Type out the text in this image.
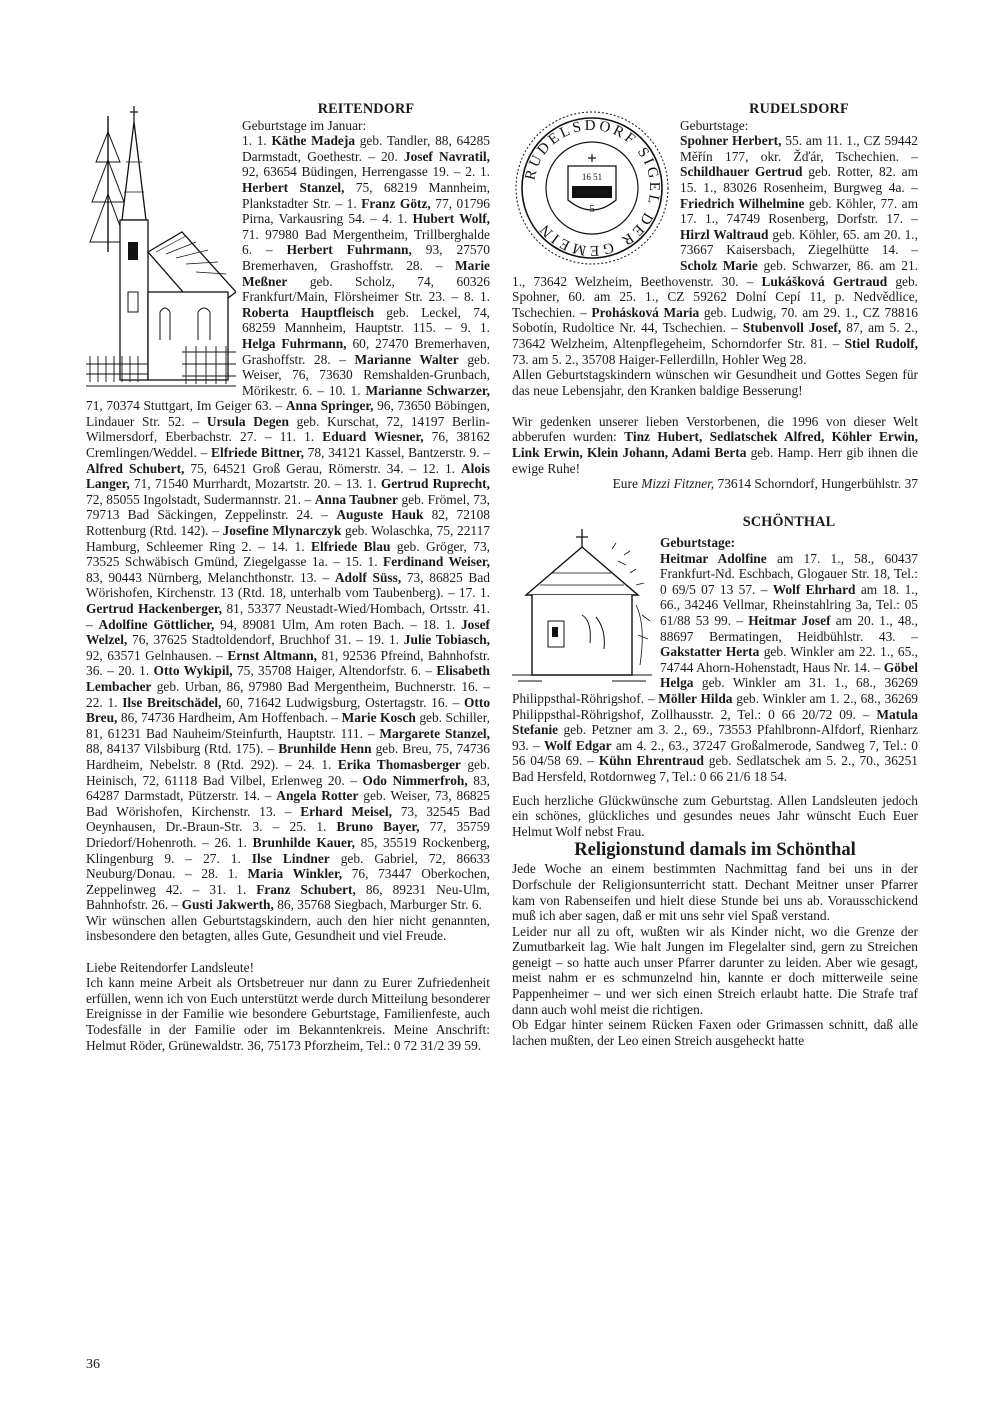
REITENDORF

Geburtstage im Januar:

1. 1. Käthe Madeja geb. Tandler, 88, 64285 Darmstadt, Goethestr. – 20. Josef Navratil, 92, 63654 Büdingen, Herrengasse 19. – 2. 1. Herbert Stanzel, 75, 68219 Mannheim, Plankstadter Str. – 1. Franz Götz, 77, 01796 Pirna, Varkausring 54. – 4. 1. Hubert Wolf, 71. 97980 Bad Mergentheim, Trillberghalde 6. – Herbert Fuhrmann, 93, 27570 Bremerhaven, Grashoffstr. 28. – Marie Meßner geb. Scholz, 74, 60326 Frankfurt/Main, Flörsheimer Str. 23. – 8. 1. Roberta Hauptfleisch geb. Leckel, 74, 68259 Mannheim, Hauptstr. 115. – 9. 1. Helga Fuhrmann, 60, 27470 Bremerhaven, Grashoffstr. 28. – Marianne Walter geb. Weiser, 76, 73630 Remshalden-Grunbach, Mörikestr. 6. – 10. 1. Marianne Schwarzer, 71, 70374 Stuttgart, Im Geiger 63. – Anna Springer, 96, 73650 Böbingen, Lindauer Str. 52. – Ursula Degen geb. Kurschat, 72, 14197 Berlin-Wilmersdorf, Eberbachstr. 27. – 11. 1. Eduard Wiesner, 76, 38162 Cremlingen/Weddel. – Elfriede Bittner, 78, 34121 Kassel, Bantzerstr. 9. – Alfred Schubert, 75, 64521 Groß Gerau, Römerstr. 34. – 12. 1. Alois Langer, 71, 71540 Murrhardt, Mozartstr. 20. – 13. 1. Gertrud Ruprecht, 72, 85055 Ingolstadt, Sudermannstr. 21. – Anna Taubner geb. Frömel, 73, 79713 Bad Säckingen, Zeppelinstr. 24. – Auguste Hauk 82, 72108 Rottenburg (Rtd. 142). – Josefine Mlynarczyk geb. Wolaschka, 75, 22117 Hamburg, Schleemer Ring 2. – 14. 1. Elfriede Blau geb. Gröger, 73, 73525 Schwäbisch Gmünd, Ziegelgasse 1a. – 15. 1. Ferdinand Weiser, 83, 90443 Nürnberg, Melanchthonstr. 13. – Adolf Süss, 73, 86825 Bad Wörishofen, Kirchenstr. 13 (Rtd. 18, unterhalb vom Taubenberg). – 17. 1. Gertrud Hackenberger, 81, 53377 Neustadt-Wied/Hombach, Ortsstr. 41. – Adolfine Göttlicher, 94, 89081 Ulm, Am roten Bach. – 18. 1. Josef Welzel, 76, 37625 Stadtoldendorf, Bruchhof 31. – 19. 1. Julie Tobiasch, 92, 63571 Gelnhausen. – Ernst Altmann, 81, 92536 Pfreind, Bahnhofstr. 36. – 20. 1. Otto Wykipil, 75, 35708 Haiger, Altendorfstr. 6. – Elisabeth Lembacher geb. Urban, 86, 97980 Bad Mergentheim, Buchnerstr. 16. – 22. 1. Ilse Breitschädel, 60, 71642 Ludwigsburg, Ostertagstr. 16. – Otto Breu, 86, 74736 Hardheim, Am Hoffenbach. – Marie Kosch geb. Schiller, 81, 61231 Bad Nauheim/Steinfurth, Hauptstr. 111. – Margarete Stanzel, 88, 84137 Vilsbiburg (Rtd. 175). – Brunhilde Henn geb. Breu, 75, 74736 Hardheim, Nebelstr. 8 (Rtd. 292). – 24. 1. Erika Thomasberger geb. Heinisch, 72, 61118 Bad Vilbel, Erlenweg 20. – Odo Nimmerfroh, 83, 64287 Darmstadt, Pützerstr. 14. – Angela Rotter geb. Weiser, 73, 86825 Bad Wörishofen, Kirchenstr. 13. – Erhard Meisel, 73, 32545 Bad Oeynhausen, Dr.-Braun-Str. 3. – 25. 1. Bruno Bayer, 77, 35759 Driedorf/Hohenroth. – 26. 1. Brunhilde Kauer, 85, 35519 Rockenberg, Klingenburg 9. – 27. 1. Ilse Lindner geb. Gabriel, 72, 86633 Neuburg/Donau. – 28. 1. Maria Winkler, 76, 73447 Oberkochen, Zeppelinweg 42. – 31. 1. Franz Schubert, 86, 89231 Neu-Ulm, Bahnhofstr. 26. – Gusti Jakwerth, 86, 35768 Siegbach, Marburger Str. 6.

Wir wünschen allen Geburtstagskindern, auch den hier nicht genannten, insbesondere den betagten, alles Gute, Gesundheit und viel Freude.

Liebe Reitendorfer Landsleute!

Ich kann meine Arbeit als Ortsbetreuer nur dann zu Eurer Zufriedenheit erfüllen, wenn ich von Euch unterstützt werde durch Mitteilung besonderer Ereignisse in der Familie wie besondere Geburtstage, Familienfeste, auch Todesfälle in der Familie oder im Bekanntenkreis. Meine Anschrift: Helmut Röder, Grünewaldstr. 36, 75173 Pforzheim, Tel.: 0 72 31/2 39 59.

RUDELSDORF SIGEL DER GEMEIN
16 51
5

RUDELSDORF

Geburtstage:

Spohner Herbert, 55. am 11. 1., CZ 59442 Měřín 177, okr. Žďár, Tschechien. – Schildhauer Gertrud geb. Rotter, 82. am 15. 1., 83026 Rosenheim, Burgweg 4a. – Friedrich Wilhelmine geb. Köhler, 77. am 17. 1., 74749 Rosenberg, Dorfstr. 17. – Hirzl Waltraud geb. Köhler, 65. am 20. 1., 73667 Kaisersbach, Ziegelhütte 14. – Scholz Marie geb. Schwarzer, 86. am 21. 1., 73642 Welzheim, Beethovenstr. 30. – Lukášková Gertraud geb. Spohner, 60. am 25. 1., CZ 59262 Dolní Cepí 11, p. Nedvědlice, Tschechien. – Prohásková Maria geb. Ludwig, 70. am 29. 1., CZ 78816 Sobotín, Rudoltice Nr. 44, Tschechien. – Stubenvoll Josef, 87, am 5. 2., 73642 Welzheim, Altenpflegeheim, Schorndorfer Str. 81. – Stiel Rudolf, 73. am 5. 2., 35708 Haiger-Fellerdilln, Hohler Weg 28.

Allen Geburtstagskindern wünschen wir Gesundheit und Gottes Segen für das neue Lebensjahr, den Kranken baldige Besserung!

Wir gedenken unserer lieben Verstorbenen, die 1996 von dieser Welt abberufen wurden: Tinz Hubert, Sedlatschek Alfred, Köhler Erwin, Link Erwin, Klein Johann, Adami Berta geb. Hamp. Herr gib ihnen die ewige Ruhe!

Eure Mizzi Fitzner, 73614 Schorndorf, Hungerbühlstr. 37

SCHÖNTHAL

Geburtstage:

Heitmar Adolfine am 17. 1., 58., 60437 Frankfurt-Nd. Eschbach, Glogauer Str. 18, Tel.: 0 69/5 07 13 57. – Wolf Ehrhard am 18. 1., 66., 34246 Vellmar, Rheinstahlring 3a, Tel.: 05 61/88 53 99. – Heitmar Josef am 20. 1., 48., 88697 Bermatingen, Heidbühlstr. 43. – Gakstatter Herta geb. Winkler am 22. 1., 65., 74744 Ahorn-Hohenstadt, Haus Nr. 14. – Göbel Helga geb. Winkler am 31. 1., 68., 36269 Philippsthal-Röhrigshof. – Möller Hilda geb. Winkler am 1. 2., 68., 36269 Philippsthal-Röhrigshof, Zollhausstr. 2, Tel.: 0 66 20/72 09. – Matula Stefanie geb. Petzner am 3. 2., 69., 73553 Pfahlbronn-Alfdorf, Rienharz 93. – Wolf Edgar am 4. 2., 63., 37247 Großalmerode, Sandweg 7, Tel.: 0 56 04/58 69. – Kühn Ehrentraud geb. Sedlatschek am 5. 2., 70., 36251 Bad Hersfeld, Rotdornweg 7, Tel.: 0 66 21/6 18 54.

Euch herzliche Glückwünsche zum Geburtstag. Allen Landsleuten jedoch ein schönes, glückliches und gesundes neues Jahr wünscht Euch Euer Helmut Wolf nebst Frau.

Religionstund damals im Schönthal

Jede Woche an einem bestimmten Nachmittag fand bei uns in der Dorfschule der Religionsunterricht statt. Dechant Meitner unser Pfarrer kam von Rabenseifen und hielt diese Stunde bei uns ab. Vorausschickend muß ich aber sagen, daß er mit uns sehr viel Spaß verstand.

Leider nur all zu oft, wußten wir als Kinder nicht, wo die Grenze der Zumutbarkeit lag. Wie halt Jungen im Flegelalter sind, gern zu Streichen geneigt – so hatte auch unser Pfarrer darunter zu leiden. Aber wie gesagt, meist nahm er es schmunzelnd hin, kannte er doch mitterweile seine Pappenheimer – und wer sich einen Streich erlaubt hatte. Die Strafe traf dann auch wohl meist die richtigen.

Ob Edgar hinter seinem Rücken Faxen oder Grimassen schnitt, daß alle lachen mußten, der Leo einen Streich ausgeheckt hatte

36
